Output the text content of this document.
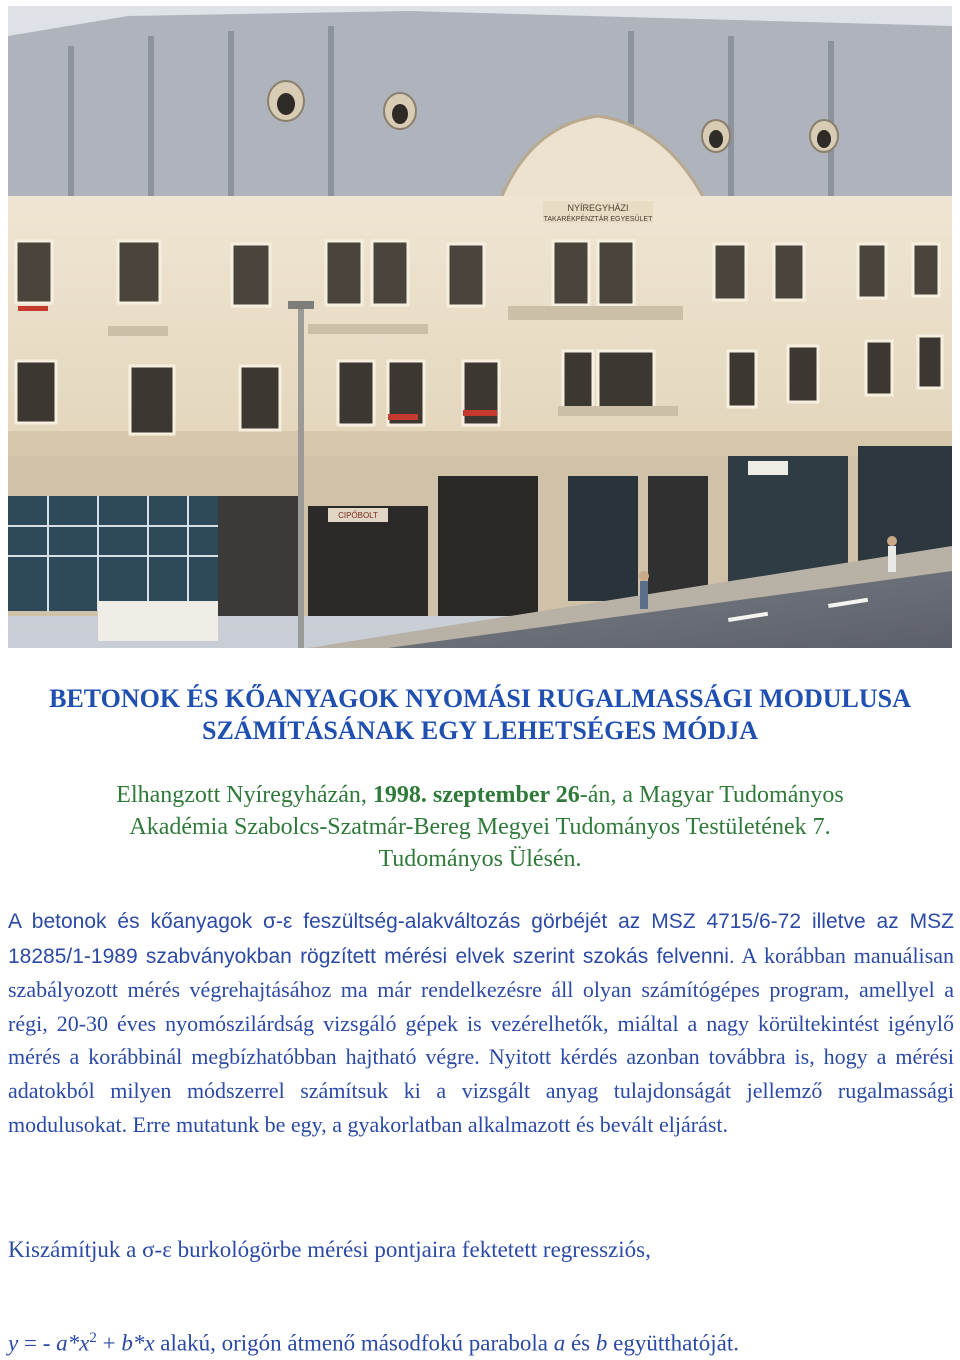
NYÍREGYHÁZI
TAKARÉKPÉNZTÁR EGYESÜLET
CIPŐBOLT
BETONOK ÉS KŐANYAGOK NYOMÁSI RUGALMASSÁGI MODULUSA
SZÁMÍTÁSÁNAK EGY LEHETSÉGES MÓDJA
Elhangzott Nyíregyházán, 1998. szeptember 26-án, a Magyar Tudományos
Akadémia Szabolcs-Szatmár-Bereg Megyei Tudományos Testületének 7.
Tudományos Ülésén.
A betonok és kőanyagok σ-ε feszültség-alakváltozás görbéjét az MSZ 4715/6-72 illetve az MSZ 18285/1-1989 szabványokban rögzített mérési elvek szerint szokás felvenni. A korábban manuálisan szabályozott mérés végrehajtásához ma már rendelkezésre áll olyan számítógépes program, amellyel a régi, 20-30 éves nyomószilárdság vizsgáló gépek is vezérelhetők, miáltal a nagy körültekintést igénylő mérés a korábbinál megbízhatóbban hajtható végre. Nyitott kérdés azonban továbbra is, hogy a mérési adatokból milyen módszerrel számítsuk ki a vizsgált anyag tulajdonságát jellemző rugalmassági modulusokat. Erre mutatunk be egy, a gyakorlatban alkalmazott és bevált eljárást.
Kiszámítjuk a σ-ε burkológörbe mérési pontjaira fektetett regressziós,
y = - $a*x^2 + b*x$ alakú, origón átmenő másodfokú parabola a és b együtthatóját.
